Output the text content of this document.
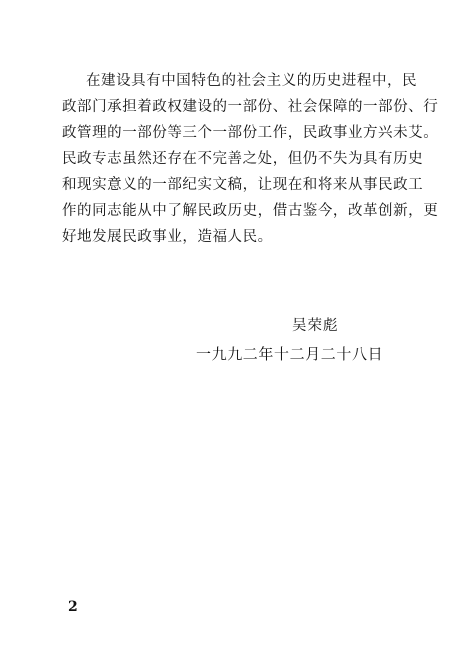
在建设具有中国特色的社会主义的历史进程中，民
政部门承担着政权建设的一部份、社会保障的一部份、行
政管理的一部份等三个一部份工作，民政事业方兴未艾。
民政专志虽然还存在不完善之处，但仍不失为具有历史
和现实意义的一部纪实文稿，让现在和将来从事民政工
作的同志能从中了解民政历史，借古鉴今，改革创新，更
好地发展民政事业，造福人民。
吴荣彪
一九九二年十二月二十八日
2
